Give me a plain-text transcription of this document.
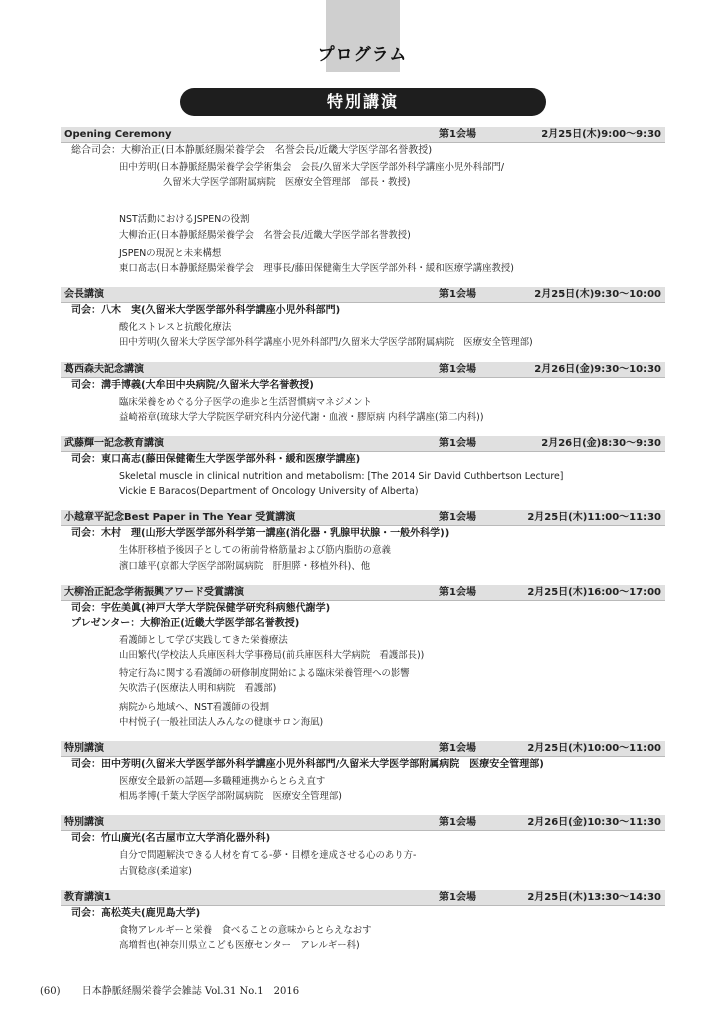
プログラム
特別講演
Opening Ceremony	第1会場	2月25日(木)9:00〜9:30
総合司会：大柳治正(日本静脈経腸栄養学会　名誉会長/近畿大学医学部名誉教授)
田中芳明(日本静脈経腸栄養学会学術集会　会長/久留米大学医学部外科学講座小児外科部門/
久留米大学医学部附属病院　医療安全管理部　部長・教授)
NST活動におけるJSPENの役割
大柳治正(日本静脈経腸栄養学会　名誉会長/近畿大学医学部名誉教授)
JSPENの現況と未来構想
東口髙志(日本静脈経腸栄養学会　理事長/藤田保健衛生大学医学部外科・緩和医療学講座教授)
会長講演	第1会場	2月25日(木)9:30〜10:00
司会：八木　実(久留米大学医学部外科学講座小児外科部門)
酸化ストレスと抗酸化療法
田中芳明(久留米大学医学部外科学講座小児外科部門/久留米大学医学部附属病院　医療安全管理部)
葛西森夫記念講演	第1会場	2月26日(金)9:30〜10:30
司会：溝手博義(大牟田中央病院/久留米大学名誉教授)
臨床栄養をめぐる分子医学の進歩と生活習慣病マネジメント
益崎裕章(琉球大学大学院医学研究科内分泌代謝・血液・膠原病 内科学講座(第二内科))
武藤輝一記念教育講演	第1会場	2月26日(金)8:30〜9:30
司会：東口髙志(藤田保健衛生大学医学部外科・緩和医療学講座)
Skeletal muscle in clinical nutrition and metabolism: [The 2014 Sir David Cuthbertson Lecture]
Vickie E Baracos(Department of Oncology University of Alberta)
小越章平記念Best Paper in The Year 受賞講演	第1会場	2月25日(木)11:00〜11:30
司会：木村　理(山形大学医学部外科学第一講座(消化器・乳腺甲状腺・一般外科学))
生体肝移植予後因子としての術前骨格筋量および筋内脂肪の意義
濱口雄平(京都大学医学部附属病院　肝胆膵・移植外科)、他
大柳治正記念学術振興アワード受賞講演	第1会場	2月25日(木)16:00〜17:00
司会：宇佐美眞(神戸大学大学院保健学研究科病態代謝学)
プレゼンター：大柳治正(近畿大学医学部名誉教授)
看護師として学び実践してきた栄養療法
山田繁代(学校法人兵庫医科大学事務局(前兵庫医科大学病院　看護部長))
特定行為に関する看護師の研修制度開始による臨床栄養管理への影響
矢吹浩子(医療法人明和病院　看護部)
病院から地域へ、NST看護師の役割
中村悦子(一般社団法人みんなの健康サロン海凪)
特別講演	第1会場	2月25日(木)10:00〜11:00
司会：田中芳明(久留米大学医学部外科学講座小児外科部門/久留米大学医学部附属病院　医療安全管理部)
医療安全最新の話題―多職種連携からとらえ直す
相馬孝博(千葉大学医学部附属病院　医療安全管理部)
特別講演	第1会場	2月26日(金)10:30〜11:30
司会：竹山廣光(名古屋市立大学消化器外科)
自分で問題解決できる人材を育てる-夢・目標を達成させる心のあり方-
古賀稔彦(柔道家)
教育講演1	第1会場	2月25日(木)13:30〜14:30
司会：髙松英夫(鹿児島大学)
食物アレルギーと栄養　食べることの意味からとらえなおす
高増哲也(神奈川県立こども医療センター　アレルギー科)
(60) 日本静脈経腸栄養学会雑誌 Vol.31 No.1　2016
